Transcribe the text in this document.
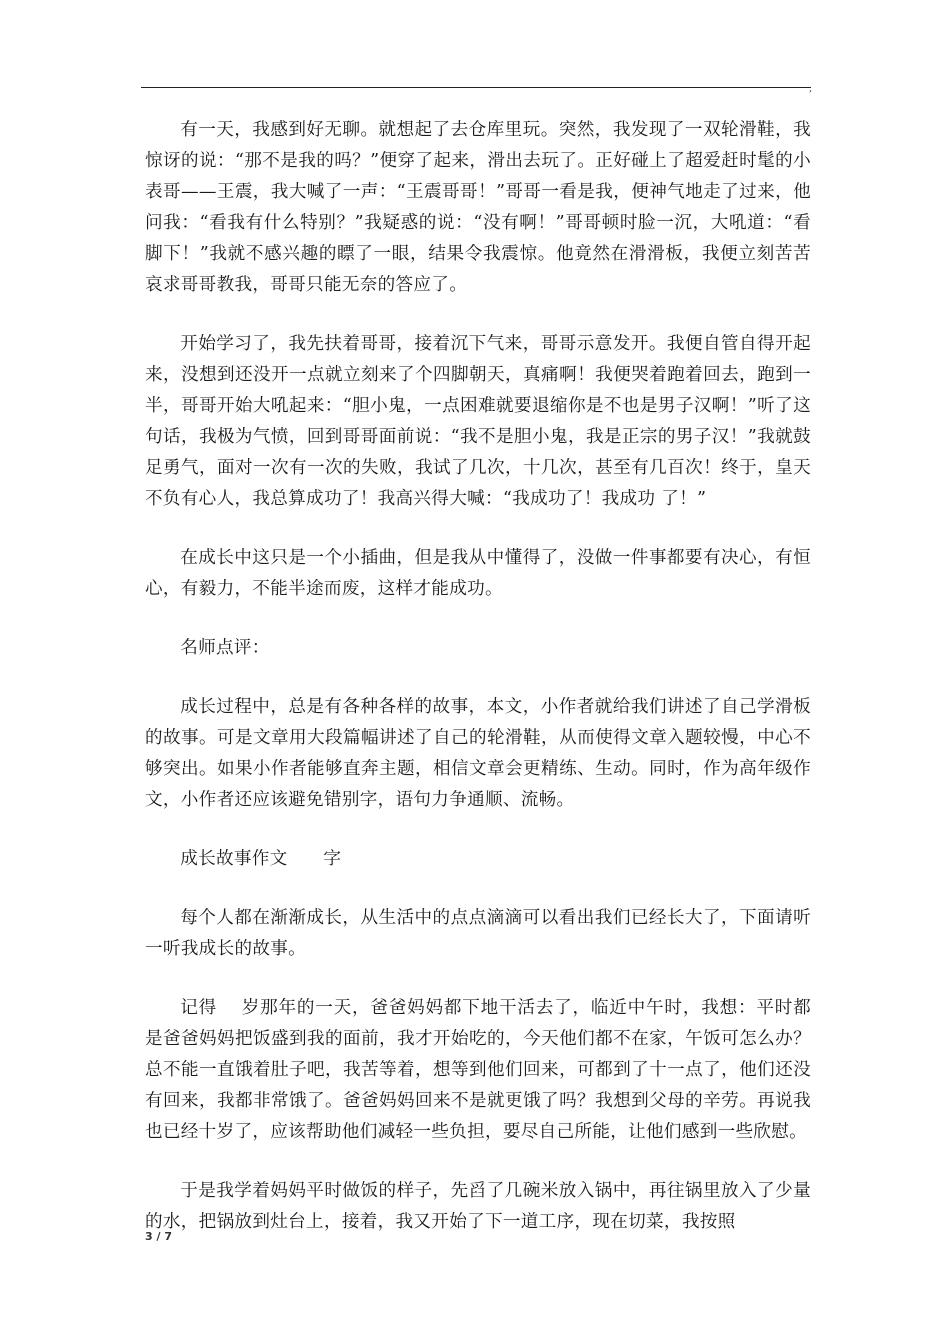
,

有一天，我感到好无聊。就想起了去仓库里玩。突然，我发现了一双轮滑鞋，我惊讶的说：“那不是我的吗？”便穿了起来，滑出去玩了。正好碰上了超爱赶时髦的小表哥——王震，我大喊了一声：“王震哥哥！”哥哥一看是我，便神气地走了过来，他问我：“看我有什么特别？”我疑惑的说：“没有啊！”哥哥顿时脸一沉，大吼道：“看脚下！”我就不感兴趣的瞟了一眼，结果令我震惊。他竟然在滑滑板，我便立刻苦苦哀求哥哥教我，哥哥只能无奈的答应了。

开始学习了，我先扶着哥哥，接着沉下气来，哥哥示意发开。我便自管自得开起来，没想到还没开一点就立刻来了个四脚朝天，真痛啊！我便哭着跑着回去，跑到一半，哥哥开始大吼起来：“胆小鬼，一点困难就要退缩你是不也是男子汉啊！”听了这句话，我极为气愤，回到哥哥面前说：“我不是胆小鬼，我是正宗的男子汉！”我就鼓足勇气，面对一次有一次的失败，我试了几次，十几次，甚至有几百次！终于，皇天不负有心人，我总算成功了！我高兴得大喊：“我成功了！我成功 了！”

在成长中这只是一个小插曲，但是我从中懂得了，没做一件事都要有决心，有恒心，有毅力，不能半途而废，这样才能成功。

名师点评：

成长过程中，总是有各种各样的故事，本文，小作者就给我们讲述了自己学滑板的故事。可是文章用大段篇幅讲述了自己的轮滑鞋，从而使得文章入题较慢，中心不够突出。如果小作者能够直奔主题，相信文章会更精练、生动。同时，作为高年级作文，小作者还应该避免错别字，语句力争通顺、流畅。

成长故事作文　　字

每个人都在渐渐成长，从生活中的点点滴滴可以看出我们已经长大了，下面请听一听我成长的故事。

记得　 岁那年的一天，爸爸妈妈都下地干活去了，临近中午时，我想：平时都是爸爸妈妈把饭盛到我的面前，我才开始吃的，今天他们都不在家，午饭可怎么办？总不能一直饿着肚子吧，我苦等着，想等到他们回来，可都到了十一点了，他们还没有回来，我都非常饿了。爸爸妈妈回来不是就更饿了吗？我想到父母的辛劳。再说我也已经十岁了，应该帮助他们减轻一些负担，要尽自己所能，让他们感到一些欣慰。

于是我学着妈妈平时做饭的样子，先舀了几碗米放入锅中，再往锅里放入了少量的水，把锅放到灶台上，接着，我又开始了下一道工序，现在切菜，我按照

3 / 7
